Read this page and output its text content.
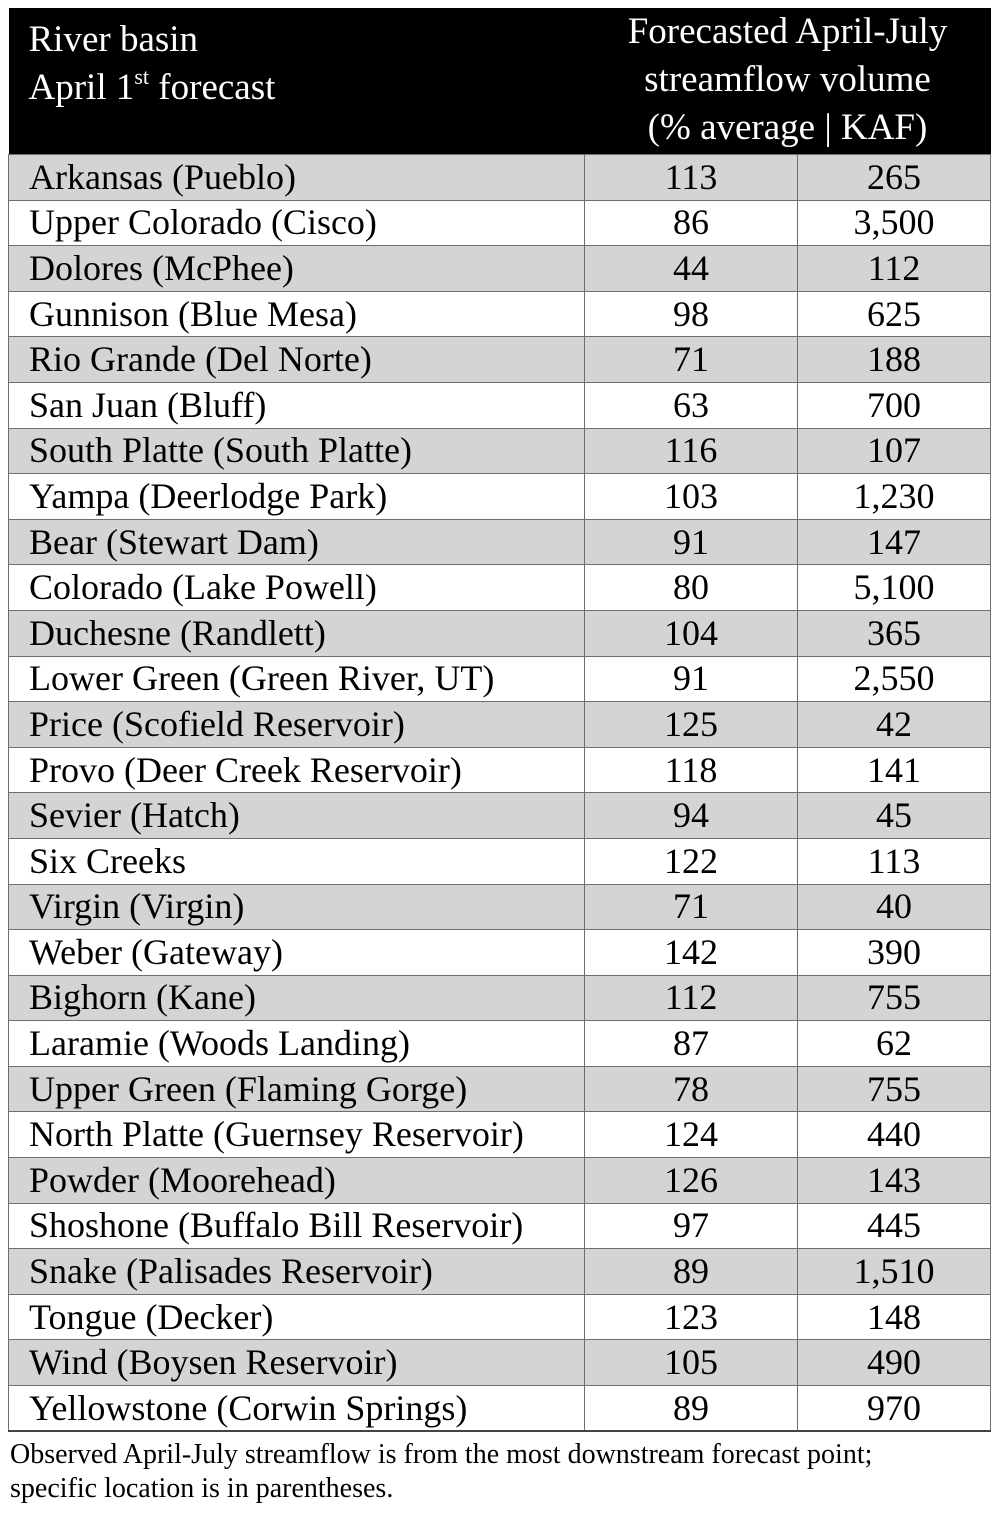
River basin
April 1st forecast	Forecasted April-July
streamflow volume
(% average | KAF)	

Arkansas (Pueblo)	113	265
Upper Colorado (Cisco)	86	3,500
Dolores (McPhee)	44	112
Gunnison (Blue Mesa)	98	625
Rio Grande (Del Norte)	71	188
San Juan (Bluff)	63	700
South Platte (South Platte)	116	107
Yampa (Deerlodge Park)	103	1,230
Bear (Stewart Dam)	91	147
Colorado (Lake Powell)	80	5,100
Duchesne (Randlett)	104	365
Lower Green (Green River, UT)	91	2,550
Price (Scofield Reservoir)	125	42
Provo (Deer Creek Reservoir)	118	141
Sevier (Hatch)	94	45
Six Creeks	122	113
Virgin (Virgin)	71	40
Weber (Gateway)	142	390
Bighorn (Kane)	112	755
Laramie (Woods Landing)	87	62
Upper Green (Flaming Gorge)	78	755
North Platte (Guernsey Reservoir)	124	440
Powder (Moorehead)	126	143
Shoshone (Buffalo Bill Reservoir)	97	445
Snake (Palisades Reservoir)	89	1,510
Tongue (Decker)	123	148
Wind (Boysen Reservoir)	105	490
Yellowstone (Corwin Springs)	89	970
Observed April-July streamflow is from the most downstream forecast point;
specific location is in parentheses.
